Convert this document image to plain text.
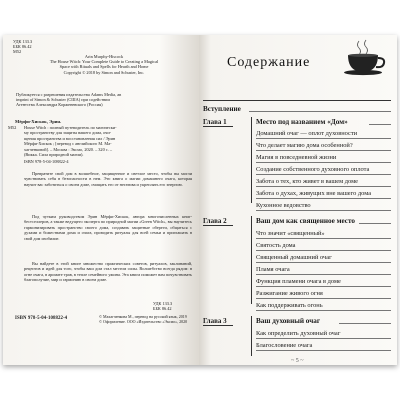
УДК 133.3
ББК 86.42
М52
Arin Murphy-Hiscock
The House Witch: Your Complete Guide to Creating a Magical
Space with Rituals and Spells for Hearth and Home
Copyright © 2018 by Simon and Schuster, Inc.
Публикуется с разрешения издательства Adams Media, an
imprint of Simon & Schuster (США) при содействии
Агентства Александра Корженевского (Россия)
Мёрфи-Хискок, Эрин.
М52 House Witch : полный путеводитель по магически-
му пространству для защиты вашего дома, очи-
щения пространства и восстановления сил / Эрин
Мёрфи-Хискок ; [перевод с английского М. Ма-
хагченковой]. – Москва : Эксмо, 2020. – 320 с. –
(Викка. Сила природной магии).
ISBN 978-5-04-108822-4
Превратите свой дом в волшебное, защищенное и светлое место, чтобы вы могли чувствовать себя в безопасности в нем. Это книга о магии домашнего очага, которая научит вас заботиться о своем доме, очищать его от негатива и укреплять его энергию.
Под чутким руководством Эрин Мёрфи-Хискок, автора многочисленных книг-бестселлеров, а также ведущего эксперта по природной магии «Green Witch», вы научитесь гармонизировать пространство своего дома, создавать защитные обереги, общаться с духами и божествами дома и очага, проводить ритуалы для всей семьи и приглашать в свой дом изобилие.
Вы найдете в этой книге множество практических советов, ритуалов, заклинаний, рецептов и идей для того, чтобы ваш дом стал местом силы. Волшебство всегда рядом: в огне очага, в аромате трав, в тепле семейного ужина. Эта книга поможет вам почувствовать благополучие, мир и гармонию в своем доме.
УДК 133.3
ББК 86.42
ISBN 978-5-04-108822-4	© Махагченкова М., перевод на русский язык, 2019
© Оформление. ООО «Издательство «Эксмо», 2020
Содержание
Вступление
Глава 1	Место под названием «Дом»
Домашний очаг — оплот духовности
Что делает магию дома особенной?
Магия в повседневной жизни
Создание собственного духовного оплота
Забота о тех, кто живет в вашем доме
Забота о духах, живущих вне вашего дома
Кухонное ведовство
Глава 2	Ваш дом как священное место
Что значит «священный»
Святость дома
Священный домашний очаг
Пламя очага
Функция пламени очага в доме
Разжигание живого огня
Как поддерживать огонь
Глава 3	Ваш духовный очаг
Как определить духовный очаг
Благословение очага
~ 5 ~
